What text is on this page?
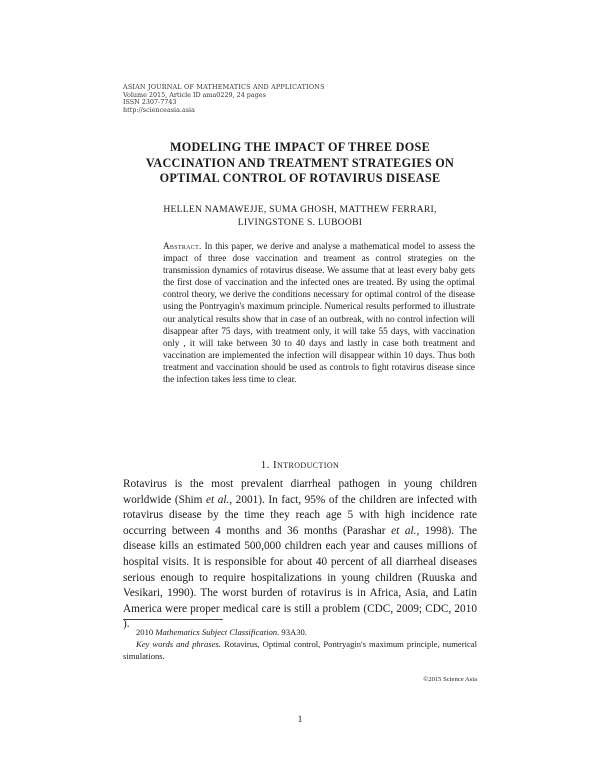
ASIAN JOURNAL OF MATHEMATICS AND APPLICATIONS
Volume 2015, Article ID ama0229, 24 pages
ISSN 2307-7743
http://scienceasia.asia
MODELING THE IMPACT OF THREE DOSE
VACCINATION AND TREATMENT STRATEGIES ON
OPTIMAL CONTROL OF ROTAVIRUS DISEASE
HELLEN NAMAWEJJE, SUMA GHOSH, MATTHEW FERRARI,
LIVINGSTONE S. LUBOOBI
Abstract. In this paper, we derive and analyse a mathematical model to assess the impact of three dose vaccination and treament as control strategies on the transmission dynamics of rotavirus disease. We assume that at least every baby gets the first dose of vaccination and the infected ones are treated. By using the optimal control theory, we derive the conditions necessary for optimal control of the disease using the Pontryagin's maximum principle. Numerical results performed to illustrate our analytical results show that in case of an outbreak, with no control infection will disappear after 75 days, with treatment only, it will take 55 days, with vaccination only , it will take between 30 to 40 days and lastly in case both treatment and vaccination are implemented the infection will disappear within 10 days. Thus both treatment and vaccination should be used as controls to fight rotavirus disease since the infection takes less time to clear.
1. Introduction
Rotavirus is the most prevalent diarrheal pathogen in young children worldwide (Shim et al., 2001). In fact, 95% of the children are infected with rotavirus disease by the time they reach age 5 with high incidence rate occurring between 4 months and 36 months (Parashar et al., 1998). The disease kills an estimated 500,000 children each year and causes millions of hospital visits. It is responsible for about 40 percent of all diarrheal diseases serious enough to require hospitalizations in young children (Ruuska and Vesikari, 1990). The worst burden of rotavirus is in Africa, Asia, and Latin America were proper medical care is still a problem (CDC, 2009; CDC, 2010 ).

2010 Mathematics Subject Classification. 93A30.

Key words and phrases. Rotavirus, Optimal control, Pontryagin's maximum principle, numerical simulations.

©2015 Science Asia
1
